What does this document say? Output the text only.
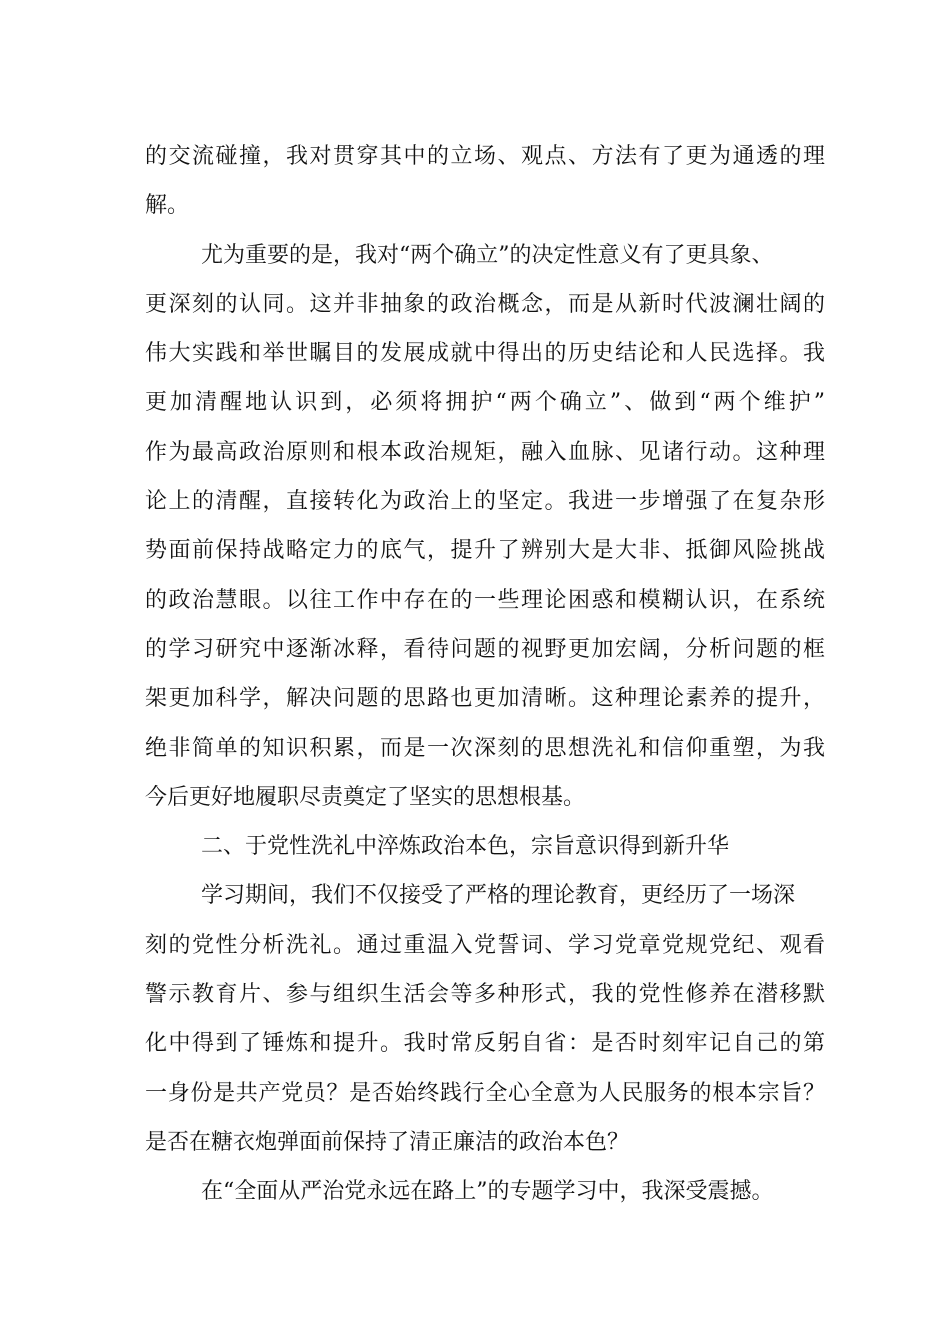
的交流碰撞，我对贯穿其中的立场、观点、方法有了更为通透的理
解。
尤为重要的是，我对“两个确立”的决定性意义有了更具象、
更深刻的认同。这并非抽象的政治概念，而是从新时代波澜壮阔的
伟大实践和举世瞩目的发展成就中得出的历史结论和人民选择。我
更加清醒地认识到，必须将拥护“两个确立”、做到“两个维护”
作为最高政治原则和根本政治规矩，融入血脉、见诸行动。这种理
论上的清醒，直接转化为政治上的坚定。我进一步增强了在复杂形
势面前保持战略定力的底气，提升了辨别大是大非、抵御风险挑战
的政治慧眼。以往工作中存在的一些理论困惑和模糊认识，在系统
的学习研究中逐渐冰释，看待问题的视野更加宏阔，分析问题的框
架更加科学，解决问题的思路也更加清晰。这种理论素养的提升，
绝非简单的知识积累，而是一次深刻的思想洗礼和信仰重塑，为我
今后更好地履职尽责奠定了坚实的思想根基。
二、于党性洗礼中淬炼政治本色，宗旨意识得到新升华
学习期间，我们不仅接受了严格的理论教育，更经历了一场深
刻的党性分析洗礼。通过重温入党誓词、学习党章党规党纪、观看
警示教育片、参与组织生活会等多种形式，我的党性修养在潜移默
化中得到了锤炼和提升。我时常反躬自省：是否时刻牢记自己的第
一身份是共产党员？是否始终践行全心全意为人民服务的根本宗旨？
是否在糖衣炮弹面前保持了清正廉洁的政治本色？
在“全面从严治党永远在路上”的专题学习中，我深受震撼。
